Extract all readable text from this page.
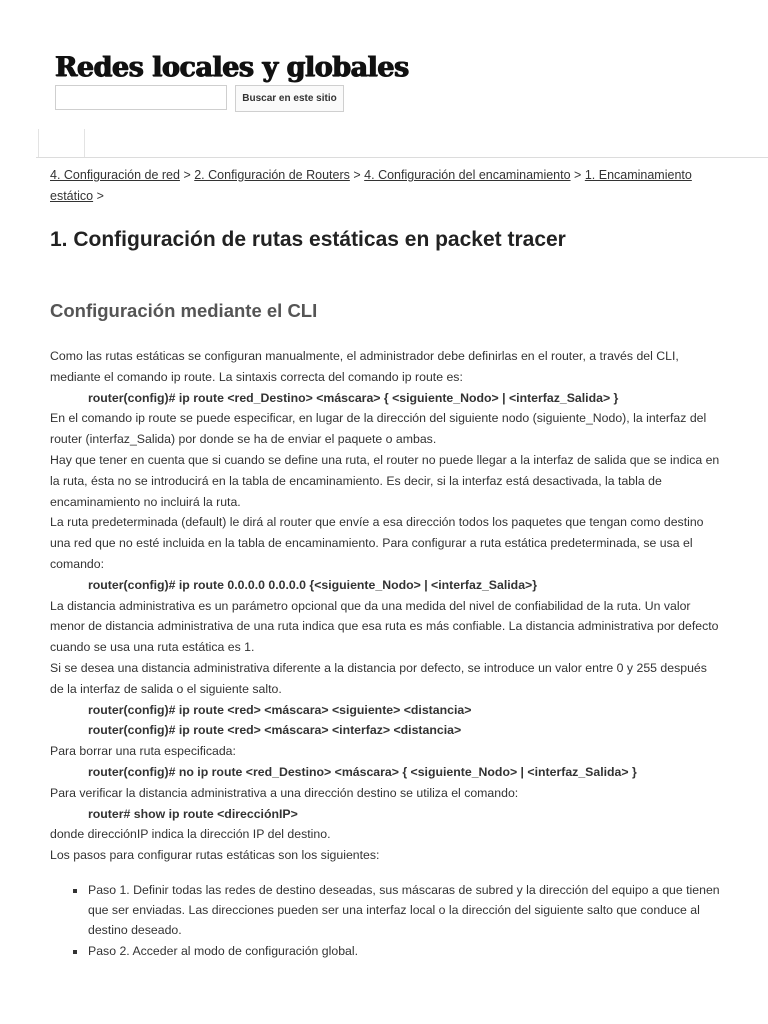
Redes locales y globales
Buscar en este sitio

4. Configuración de red > 2. Configuración de Routers > 4. Configuración del encaminamiento > 1. Encaminamiento estático >

1. Configuración de rutas estáticas en packet tracer
Configuración mediante el CLI

Como las rutas estáticas se configuran manualmente, el administrador debe definirlas en el router, a través del CLI, mediante el comando ip route. La sintaxis correcta del comando ip route es:

router(config)# ip route <red_Destino> <máscara> { <siguiente_Nodo> | <interfaz_Salida> }

En el comando ip route se puede especificar, en lugar de la dirección del siguiente nodo (siguiente_Nodo), la interfaz del router (interfaz_Salida) por donde se ha de enviar el paquete o ambas.

Hay que tener en cuenta que si cuando se define una ruta, el router no puede llegar a la interfaz de salida que se indica en la ruta, ésta no se introducirá en la tabla de encaminamiento. Es decir, si la interfaz está desactivada, la tabla de encaminamiento no incluirá la ruta.

La ruta predeterminada (default) le dirá al router que envíe a esa dirección todos los paquetes que tengan como destino una red que no esté incluida en la tabla de encaminamiento. Para configurar a ruta estática predeterminada, se usa el comando:

router(config)# ip route 0.0.0.0 0.0.0.0 {<siguiente_Nodo> | <interfaz_Salida>}

La distancia administrativa es un parámetro opcional que da una medida del nivel de confiabilidad de la ruta. Un valor menor de distancia administrativa de una ruta indica que esa ruta es más confiable. La distancia administrativa por defecto cuando se usa una ruta estática es 1.

Si se desea una distancia administrativa diferente a la distancia por defecto, se introduce un valor entre 0 y 255 después de la interfaz de salida o el siguiente salto.

router(config)# ip route <red> <máscara> <siguiente> <distancia>

router(config)# ip route <red> <máscara> <interfaz> <distancia>

Para borrar una ruta especificada:

router(config)# no ip route <red_Destino> <máscara> { <siguiente_Nodo> | <interfaz_Salida> }

Para verificar la distancia administrativa a una dirección destino se utiliza el comando:

router# show ip route <direcciónIP>

donde direcciónIP indica la dirección IP del destino.

Los pasos para configurar rutas estáticas son los siguientes:

Paso 1. Definir todas las redes de destino deseadas, sus máscaras de subred y la dirección del equipo a que tienen que ser enviadas. Las direcciones pueden ser una interfaz local o la dirección del siguiente salto que conduce al destino deseado.
Paso 2. Acceder al modo de configuración global.
